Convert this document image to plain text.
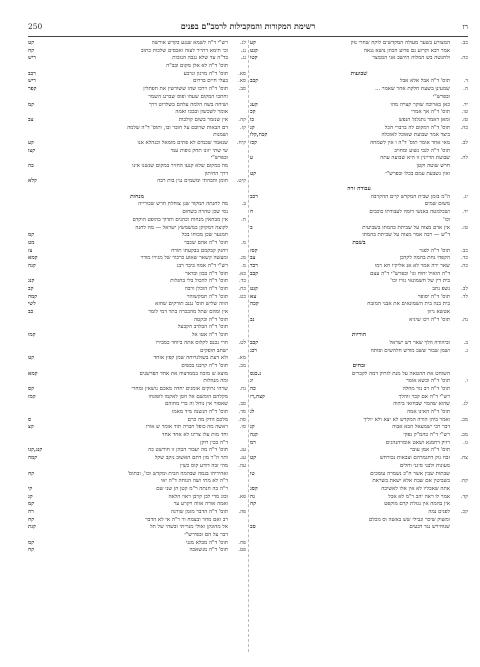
250	רשימת המקורות והמקבילות לרמב"ם בפנים	רז
כב.
המצורע בשער מעולה המקדשים לוקח שחרי נזק
קע
אמר רבא וקרוע גם פרוע הכהן נושא גנאה
קנט
כה.
ולחנשה בש המלוה היושב אני הממצר
קטו
שבועות
ד.
תוס' ד"ה אבל אלא אבל
קכב
ה.
שמעינן בשעת חלקת אחר שאמר ...
ובפרש"י
יד.
כאן בארוכה שוקר קצרה מהו
קעג
טו.
תוס' ד"ה אך אמרי
קכ
טז.
ומאן דאמר נתגלגל הנפש
כו
כה.
תוס' ד"ה רמקום לה ברברי הכל
קנ
ביצד אמר שבועת שאוכל לאוכלה
קכח,קלו
לב.
מאי אחד אומר תוס' ד"ה ו אין לשמחה
קכז
תוס' ד"ה לגבי נשוע ומחויב
לה.
שבועת הדיינין זו היא שבועה עתה
ע
חרש שוטה וקטן
ואין נשבעת עמם בכלו ובפרש"י
קט
עבודה זרה
יג.
ה"מ בזמן שבית המקדש קיים ההקרבה
רכב
משום שמים
יד.
ושכלמטה באנשי דומה לעבודתו כוכבים
ח
וכו'
טז.
אין אדם מצוה על שביתת בהמתו בשביעית
ב
ד"ש — רבה אמר מצוה על שביתת בהמתו
בשבת
כב.
תוס' ד"ה לפגר
קסז
כד.
הקפדו נחת בהמה לקרבן
צב
כה.
שאר ירה אמר לא אנ אליקיו חא רמו
רכד
ד"ה הואיל יחוח וגו' ובפרש"י ד"ה עצם
קכב
בית דין של חשמונאי גזרו וכו'
לב.
נשפ נתב
קנט
לד.
תוס' ד"ה יסופר
צא
בית בנה בית השמונאים את אבני המזבח
קכה
אטשא ניזון
נה.
תוס' ד"ה רכו שיגיא
נב
הוריות
ב.
וביהודה הלך שאר דש ישראל
קכב
ג.
ושמן שבור ששב מודש חלהשים ופותה
רכג
זבחים
השוחט את ההטאה על מנת לזרוק דמה לקברים
נ.כנס
ו.
תוס' ד"ה ובשא אומר
יג
תוס' ד"ה רב נזר מחלה
כה
רש"י ד"ה אם קבר זוהלך
קצח,רז
לג.
שהוא שהמוי שבחזאי ביהוה
תוס' ד"ה האינו אמה
לג
מב.
ואמר ביהן הורה המקדש לא יצא ולא יוליך
דבר רבי ישמעאל הבא אבוה
קנ
מב.
רש"י ד"ה בהמ"ק נפקי
קנה
נו.
רזיק דחמנא ושאט אומרהנהגים
רמ
תוס' ד"ה אמן עובר
צח.
זבח נוק דחגמרהם וצבאות נכורחש
קט
מעונות ולבני סיגני וחלים
שבתות שבין אשר ח"כ נשמרה עומכים
טו
קח.
בשביטין אם שבת אלא ישאת בשראת
אתה שאכליו לא אין אלו לאשיבה
קסג
קד.
אמר לו ראה יהב ר"מ לא אכל
נה
אין בהמה אין נגזלת קרם מוקפט
קח
קכ.
לפנים נמה
ומשוק שיכר ונבילי שש באשה וס מכלם
שגוחירש נגד דבעים
סב
לג.
רש"י ד"ה לשמא שנגע בקדש אורשה
קט
נג.
וכי תימא דתייר לעזה ואכסים שלכות כתוב
קח
נג.
בד"ה עד שלא נגבה הנזבות
ריש
תוס' ד"ה לא אלן מקום ובב"ה
סא.
תוס' ד"ה מרגון וגרבע
רכב
סא.
בעלי חיים בדרום
ריש
סב.
תוס' ד"ה וירבו שהו ששורשין את חפתלין
קפר
וחתכו המקום שעהו ופוס שברנג השמר
ושיחה בשה הלמה עלהם בשלרוט דרך
קמ
אומר לשכשון ובבכו ואמה
קה.
אין שנזמר בשום קולבות
צב
קז.
דם הבאות שרובם על חובר ובו, ותוס' ד"ה שלמה
ושמנות
קיח.
שנאמר שכמים לא פתים מומאל וכנהלא אנו
קע
שי שתי יזונו תחק גופות עמי
קצו
ובפרש"י
מה במקום שלא קנעו החזיר במקום שנשנו אינו
בה
דרך החיתון
קיט.
חומן והבהתי ומשמים ננין בות רבה
קלא
מנחות
ב.
מה לחנתה המקוד שגן צוחלת חרש שכורייה
נסי שכן טהרה בשחום
ח.
אין מבחאין מנחות וכהנים ותדוך בהופט הוקדם
לקוצה דמקוקן במשמשץ ישראל — מה לחנה
חמנער שכן מבוחו בכל
קמ
מ.
תוס' ד"ה אהם שכבר
מט
ויהנק קבקמם בבקעתו תורח
צז
מג.
ומעשה קשאר שאוע כרכור של מגירו מודר
קמא
מ.
רש"י ד"ה אמה ביבר רבג
קנה
כא.
תוס' ד"ה בבון ובדאר
כד.
תוס' ד"ה להכול בלי בחגלות
קנג
כח.
תוס' ד"ה הוכלן ורבה
קב
כט.
תוס' ד"ה תמקשוהר
קמה
הווה שליש תוס' נגנב תורקים שחזא
לשי
אין ומהם שתל מהבכרה בתר דמי לומר
כב
תוס' ד"ה ובקטה
תוס' ד"ה הבלדב הקבעל
תוס' ד"ה אטו אל
קמו
לט.
חרי נכנם לקלוס אתה ביוחד כמבירו
ישתב חופקים
מא.
ולא דעת בשולנרוחה שמן קפץ אזחד
קט
מב.
תוס' ד"ה קרבנו בכפים
מוצא ש מזכה בממדצוה את אחד הפרשנים
קמא
ומה מנהלות
נח.
שרהי גרוקים אומגים יחדה מאכם גושאין ומחרי
קס
מקלהם הומשם אל חסן לאקמו לופונחו
קמז
סב.
שאסור אין נוחל וה ברי מחוהם
סד.
תוס' ד"ה הנשנה מיד מאמו
סה.
מלכם הדק מה כרם
ס
סו.
ראשה מה כופל חברה תוד אומר ש אורו
קצ
וחד מות עלו צריגו לא אחד אחד
ד"ה בכין רוקן
עג.
תוס' ד"ה מה יעבור הכהן זו חורשט כה
קנג,קנו
עג.
ותר ה"ר מון דתם האשוב נזקב שקל
קמה
עה.
מהי זבה דודע קוס כשין
ואהיריהו בנמה שבהמה הבית ומקדש וכו', ובתוס'
קח
ד"ה לא מתי ושה הנוחה ד"ה יאי
ר"ה בה חנתה ר"מ קטן הן שני שם
קי
פא.
ובוג מדי לבן קרבן ראוי הלאה
קנ
ואמה אורה אזוה ויקרע ער
קמ
פה.
תוס' ד"ה הדבר מזמן שורנה
רה
רב ואם מחר ובצמח ור ר"ה אי לא הדבר
קח
אל מהונקן ואולי מנוייתי ובשהי של תל
קנת
דבר על הם ובפירש"י
פח.
תוס' ד"ה מבלא מנני
קמ
פט.
תוס' ד"ה מנשאכה
קח
